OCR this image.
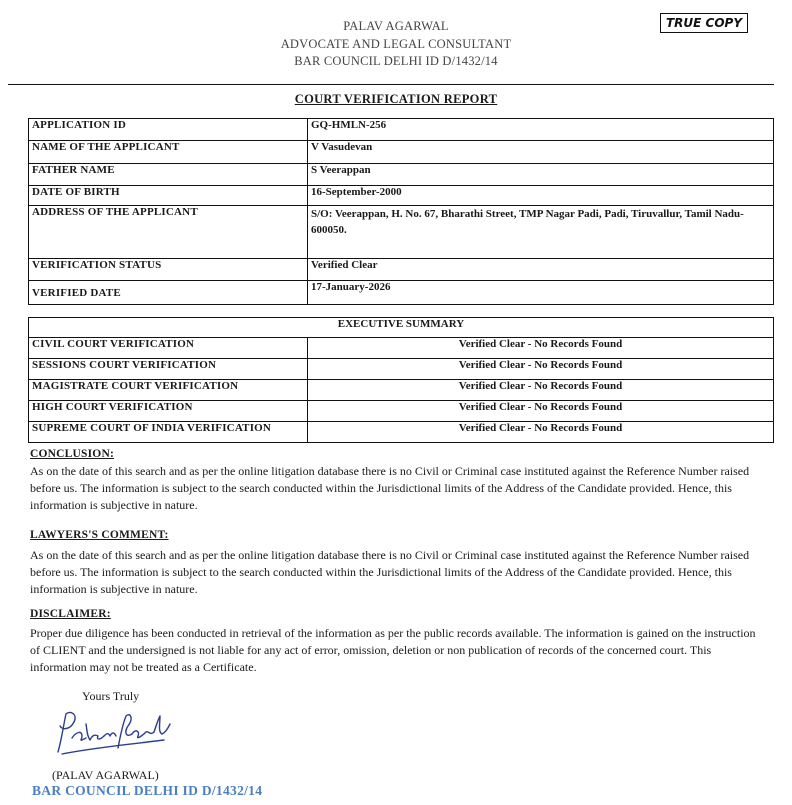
PALAV AGARWAL
ADVOCATE AND LEGAL CONSULTANT
BAR COUNCIL DELHI ID D/1432/14
TRUE COPY
COURT VERIFICATION REPORT
APPLICATION ID	GQ-HMLN-256
NAME OF THE APPLICANT	V Vasudevan
FATHER NAME	S Veerappan
DATE OF BIRTH	16-September-2000
ADDRESS OF THE APPLICANT	S/O: Veerappan, H. No. 67, Bharathi Street, TMP Nagar Padi, Padi, Tiruvallur, Tamil Nadu-600050.
VERIFICATION STATUS	Verified Clear
VERIFIED DATE	17-January-2026
EXECUTIVE SUMMARY	
CIVIL COURT VERIFICATION	Verified Clear - No Records Found
SESSIONS COURT VERIFICATION	Verified Clear - No Records Found
MAGISTRATE COURT VERIFICATION	Verified Clear - No Records Found
HIGH COURT VERIFICATION	Verified Clear - No Records Found
SUPREME COURT OF INDIA VERIFICATION	Verified Clear - No Records Found
CONCLUSION:
As on the date of this search and as per the online litigation database there is no Civil or Criminal case instituted against the Reference Number raised before us. The information is subject to the search conducted within the Jurisdictional limits of the Address of the Candidate provided. Hence, this information is subjective in nature.
LAWYERS'S COMMENT:
As on the date of this search and as per the online litigation database there is no Civil or Criminal case instituted against the Reference Number raised before us. The information is subject to the search conducted within the Jurisdictional limits of the Address of the Candidate provided. Hence, this information is subjective in nature.
DISCLAIMER:
Proper due diligence has been conducted in retrieval of the information as per the public records available. The information is gained on the instruction of CLIENT and the undersigned is not liable for any act of error, omission, deletion or non publication of records of the concerned court. This information may not be treated as a Certificate.
Yours Truly
(PALAV AGARWAL)
BAR COUNCIL DELHI ID D/1432/14
